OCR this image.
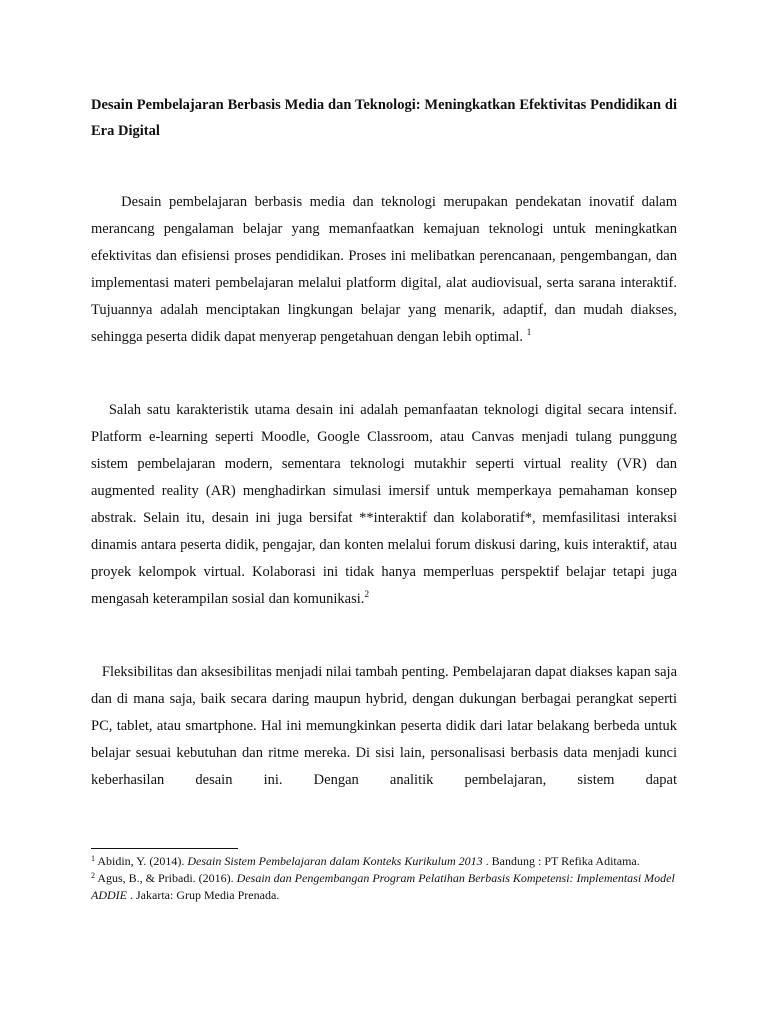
Desain Pembelajaran Berbasis Media dan Teknologi: Meningkatkan Efektivitas Pendidikan di Era Digital

Desain pembelajaran berbasis media dan teknologi merupakan pendekatan inovatif dalam merancang pengalaman belajar yang memanfaatkan kemajuan teknologi untuk meningkatkan efektivitas dan efisiensi proses pendidikan. Proses ini melibatkan perencanaan, pengembangan, dan implementasi materi pembelajaran melalui platform digital, alat audiovisual, serta sarana interaktif. Tujuannya adalah menciptakan lingkungan belajar yang menarik, adaptif, dan mudah diakses, sehingga peserta didik dapat menyerap pengetahuan dengan lebih optimal. $^1$

Salah satu karakteristik utama desain ini adalah pemanfaatan teknologi digital secara intensif. Platform e-learning seperti Moodle, Google Classroom, atau Canvas menjadi tulang punggung sistem pembelajaran modern, sementara teknologi mutakhir seperti virtual reality (VR) dan augmented reality (AR) menghadirkan simulasi imersif untuk memperkaya pemahaman konsep abstrak. Selain itu, desain ini juga bersifat **interaktif dan kolaboratif*, memfasilitasi interaksi dinamis antara peserta didik, pengajar, dan konten melalui forum diskusi daring, kuis interaktif, atau proyek kelompok virtual. Kolaborasi ini tidak hanya memperluas perspektif belajar tetapi juga mengasah keterampilan sosial dan komunikasi.$^2$

Fleksibilitas dan aksesibilitas menjadi nilai tambah penting. Pembelajaran dapat diakses kapan saja dan di mana saja, baik secara daring maupun hybrid, dengan dukungan berbagai perangkat seperti PC, tablet, atau smartphone. Hal ini memungkinkan peserta didik dari latar belakang berbeda untuk belajar sesuai kebutuhan dan ritme mereka. Di sisi lain, personalisasi berbasis data menjadi kunci keberhasilan desain ini. Dengan analitik pembelajaran, sistem dapat

$^1$ Abidin, Y. (2014). Desain Sistem Pembelajaran dalam Konteks Kurikulum 2013 . Bandung : PT Refika Aditama.

$^2$ Agus, B., & Pribadi. (2016). Desain dan Pengembangan Program Pelatihan Berbasis Kompetensi: Implementasi Model ADDIE . Jakarta: Grup Media Prenada.
